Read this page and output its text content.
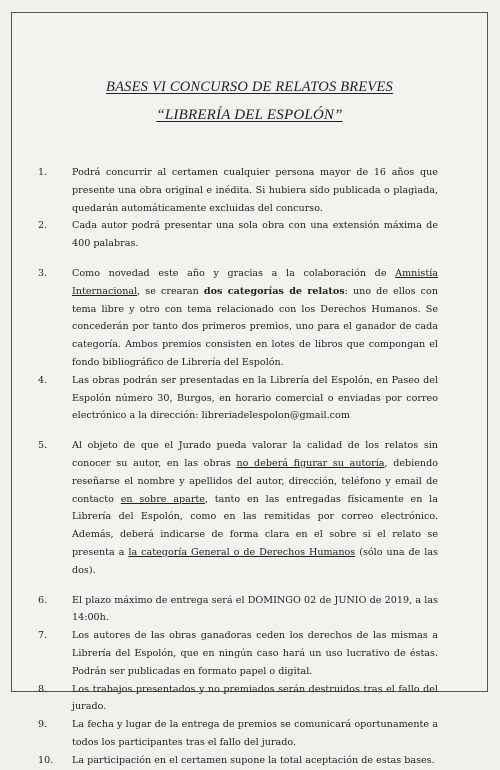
BASES VI CONCURSO DE RELATOS BREVES
“LIBRERÍA DEL ESPOLÓN”
1.	Podrá concurrir al certamen cualquier persona mayor de 16 años que presente una obra original e inédita. Si hubiera sido publicada o plagiada, quedarán automáticamente excluidas del concurso.
2.	Cada autor podrá presentar una sola obra con una extensión máxima de 400 palabras.
3.	Como novedad este año y gracias a la colaboración de Amnistía Internacional, se crearan dos categorías de relatos: uno de ellos con tema libre y otro con tema relacionado con los Derechos Humanos. Se concederán por tanto dos primeros premios, uno para el ganador de cada categoría. Ambos premios consisten en lotes de libros que compongan el fondo bibliográfico de Librería del Espolón.
4.	Las obras podrán ser presentadas en la Librería del Espolón, en Paseo del Espolón número 30, Burgos, en horario comercial o enviadas por correo electrónico a la dirección: libreriadelespolon@gmail.com
5.	Al objeto de que el Jurado pueda valorar la calidad de los relatos sin conocer su autor, en las obras no deberá figurar su autoría, debiendo reseñarse el nombre y apellidos del autor, dirección, teléfono y email de contacto en sobre aparte, tanto en las entregadas físicamente en la Librería del Espolón, como en las remitidas por correo electrónico. Además, deberá indicarse de forma clara en el sobre si el relato se presenta a la categoría General o de Derechos Humanos (sólo una de las dos).
6.	El plazo máximo de entrega será el DOMINGO 02 de JUNIO de 2019, a las 14:00h.
7.	Los autores de las obras ganadoras ceden los derechos de las mismas a Librería del Espolón, que en ningún caso hará un uso lucrativo de éstas. Podrán ser publicadas en formato papel o digital.
8.	Los trabajos presentados y no premiados serán destruidos tras el fallo del jurado.
9.	La fecha y lugar de la entrega de premios se comunicará oportunamente a todos los participantes tras el fallo del jurado.
10.	La participación en el certamen supone la total aceptación de estas bases.
